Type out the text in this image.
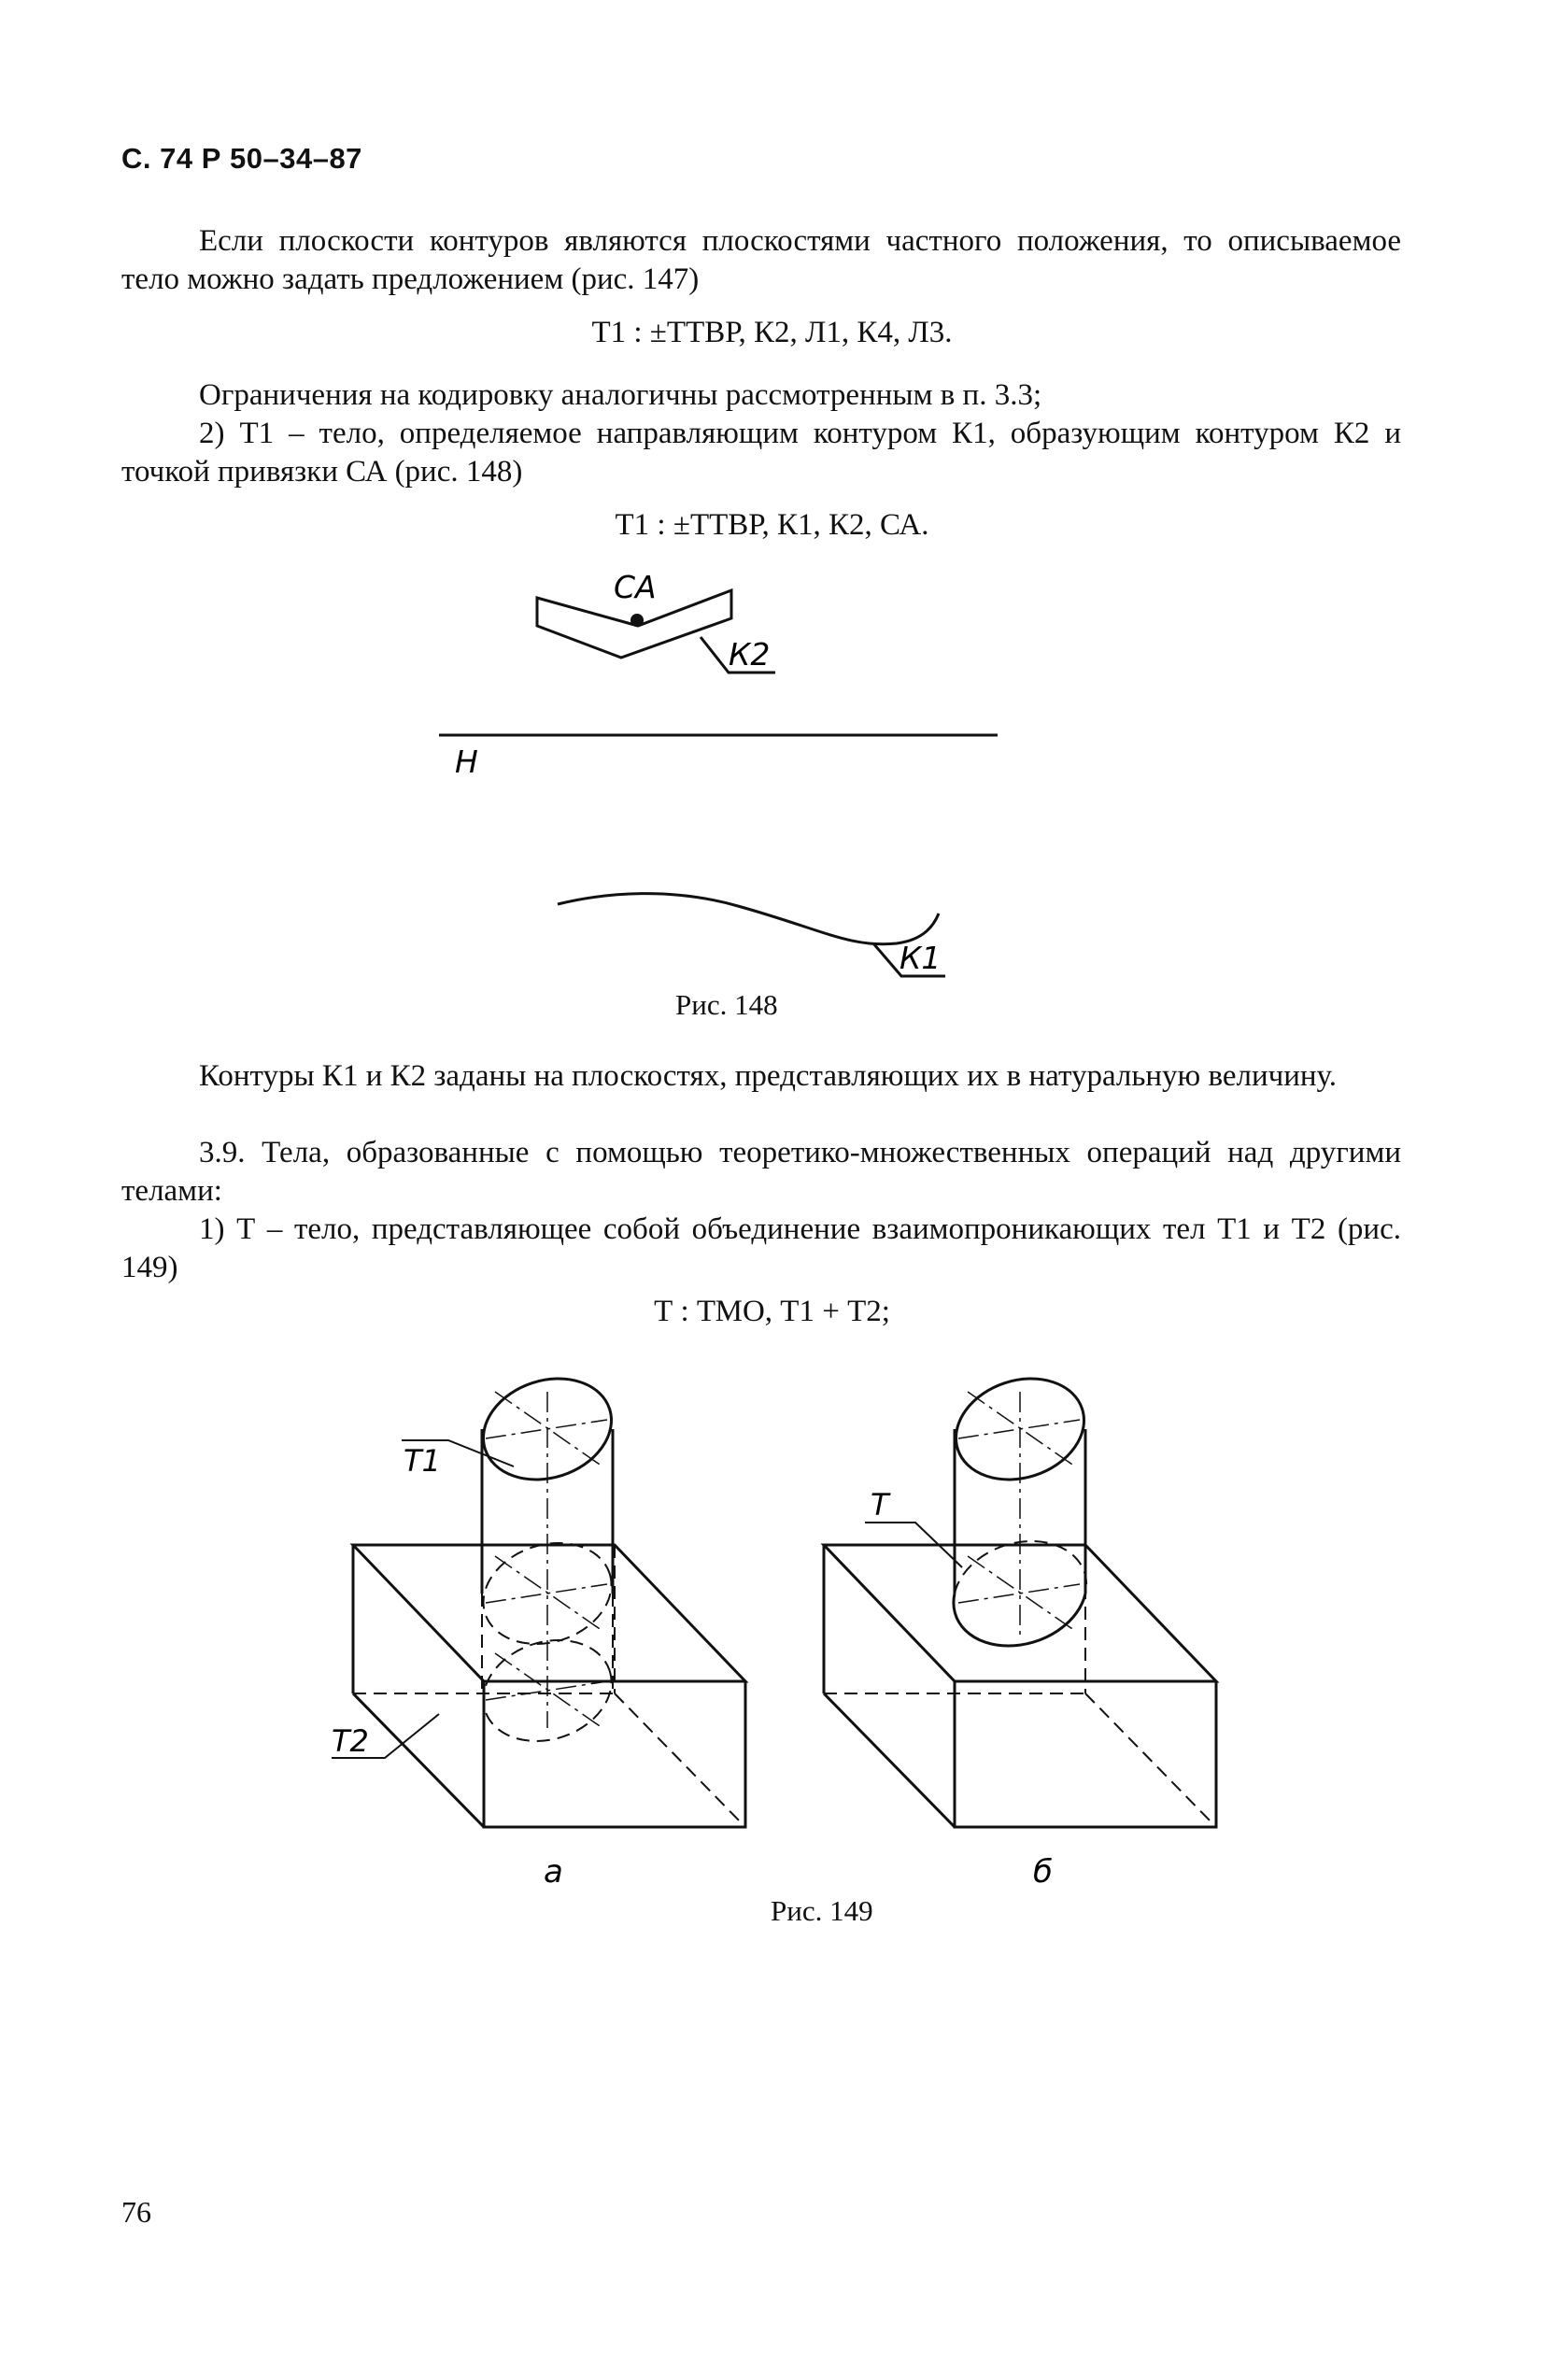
С. 74 Р 50–34–87
Если плоскости контуров являются плоскостями частного положения, то описываемое тело можно задать предложением (рис. 147)
Т1 : ±ТТВР, К2, Л1, К4, Л3.
Ограничения на кодировку аналогичны рассмотренным в п. 3.3;
2) Т1 – тело, определяемое направляющим контуром К1, образующим контуром К2 и точкой привязки СА (рис. 148)
Т1 : ±ТТВР, К1, К2, СА.
СА
К2
Н
К1
Рис. 148
Контуры К1 и К2 заданы на плоскостях, представляющих их в натуральную величину.
3.9. Тела, образованные с помощью теоретико-множественных операций над другими телами:
1) Т – тело, представляющее собой объединение взаимопроникающих тел Т1 и Т2 (рис. 149)
Т : ТМО, Т1 + Т2;
Т1
Т2
а
Т
б
Рис. 149
76
